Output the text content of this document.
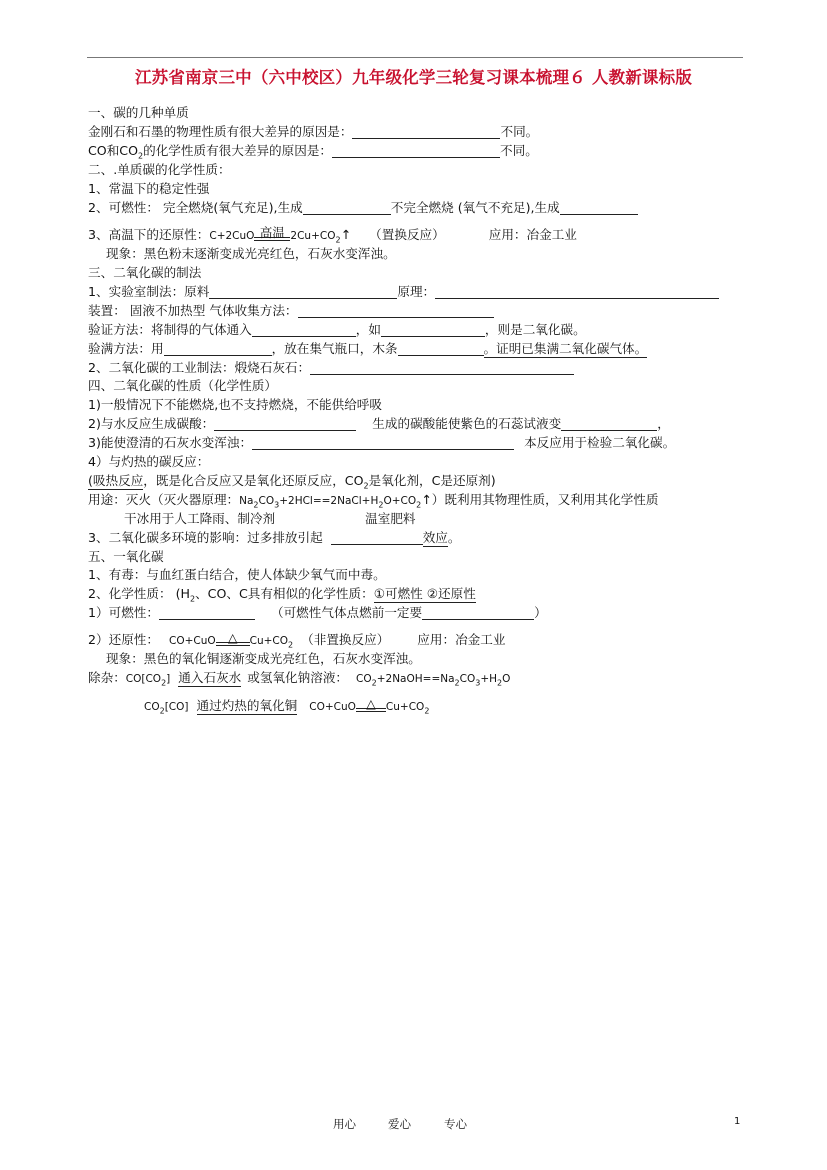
江苏省南京三中（六中校区）九年级化学三轮复习课本梳理６ 人教新课标版
一、碳的几种单质
金刚石和石墨的物理性质有很大差异的原因是：	不同。
CO和$CO_2$的化学性质有很大差异的原因是：	不同。
二、.单质碳的化学性质：
1、常温下的稳定性强
2、可燃性： 完全燃烧(氧气充足),生成	不完全燃烧 (氧气不充足),生成
3、高温下的还原性：C+2CuO 高温 $2Cu+CO_2↑$ （置换反应）	应用：冶金工业
现象：黑色粉末逐渐变成光亮红色，石灰水变浑浊。
三、二氧化碳的制法
1、实验室制法：原料	原理：
装置： 固液不加热型 气体收集方法：
验证方法：将制得的气体通入	，如	，则是二氧化碳。
验满方法：用	，放在集气瓶口，木条	。证明已集满二氧化碳气体。
2、二氧化碳的工业制法：煅烧石灰石：
四、二氧化碳的性质（化学性质）
1)一般情况下不能燃烧,也不支持燃烧，不能供给呼吸
2)与水反应生成碳酸：	生成的碳酸能使紫色的石蕊试液变	，
3)能使澄清的石灰水变浑浊：	本反应用于检验二氧化碳。
4）与灼热的碳反应：
(吸热反应，既是化合反应又是氧化还原反应，$CO_2$是氧化剂，C是还原剂)
用途：灭火（灭火器原理：$Na_2CO_3+2HCl==2NaCl+H_2O+CO_2↑$）既利用其物理性质，又利用其化学性质
干冰用于人工降雨、制冷剂	温室肥料
3、二氧化碳多环境的影响：过多排放引起	效应。
五、一氧化碳
1、有毒：与血红蛋白结合，使人体缺少氧气而中毒。
2、化学性质： ($H_2$、CO、C具有相似的化学性质：①可燃性 ②还原性
1）可燃性：	（可燃性气体点燃前一定要	）
2）还原性： CO+CuO △	$Cu+CO_2$ （非置换反应） 应用：冶金工业
现象：黑色的氧化铜逐渐变成光亮红色，石灰水变浑浊。
除杂：$CO[CO_2]$ 通入石灰水 或氢氧化钠溶液： $CO_2+2NaOH==Na_2CO_3+H_2O$
$CO_2[CO]$ 通过灼热的氧化铜 CO+CuO △ $Cu+CO_2$
用心	爱心	专心	1
